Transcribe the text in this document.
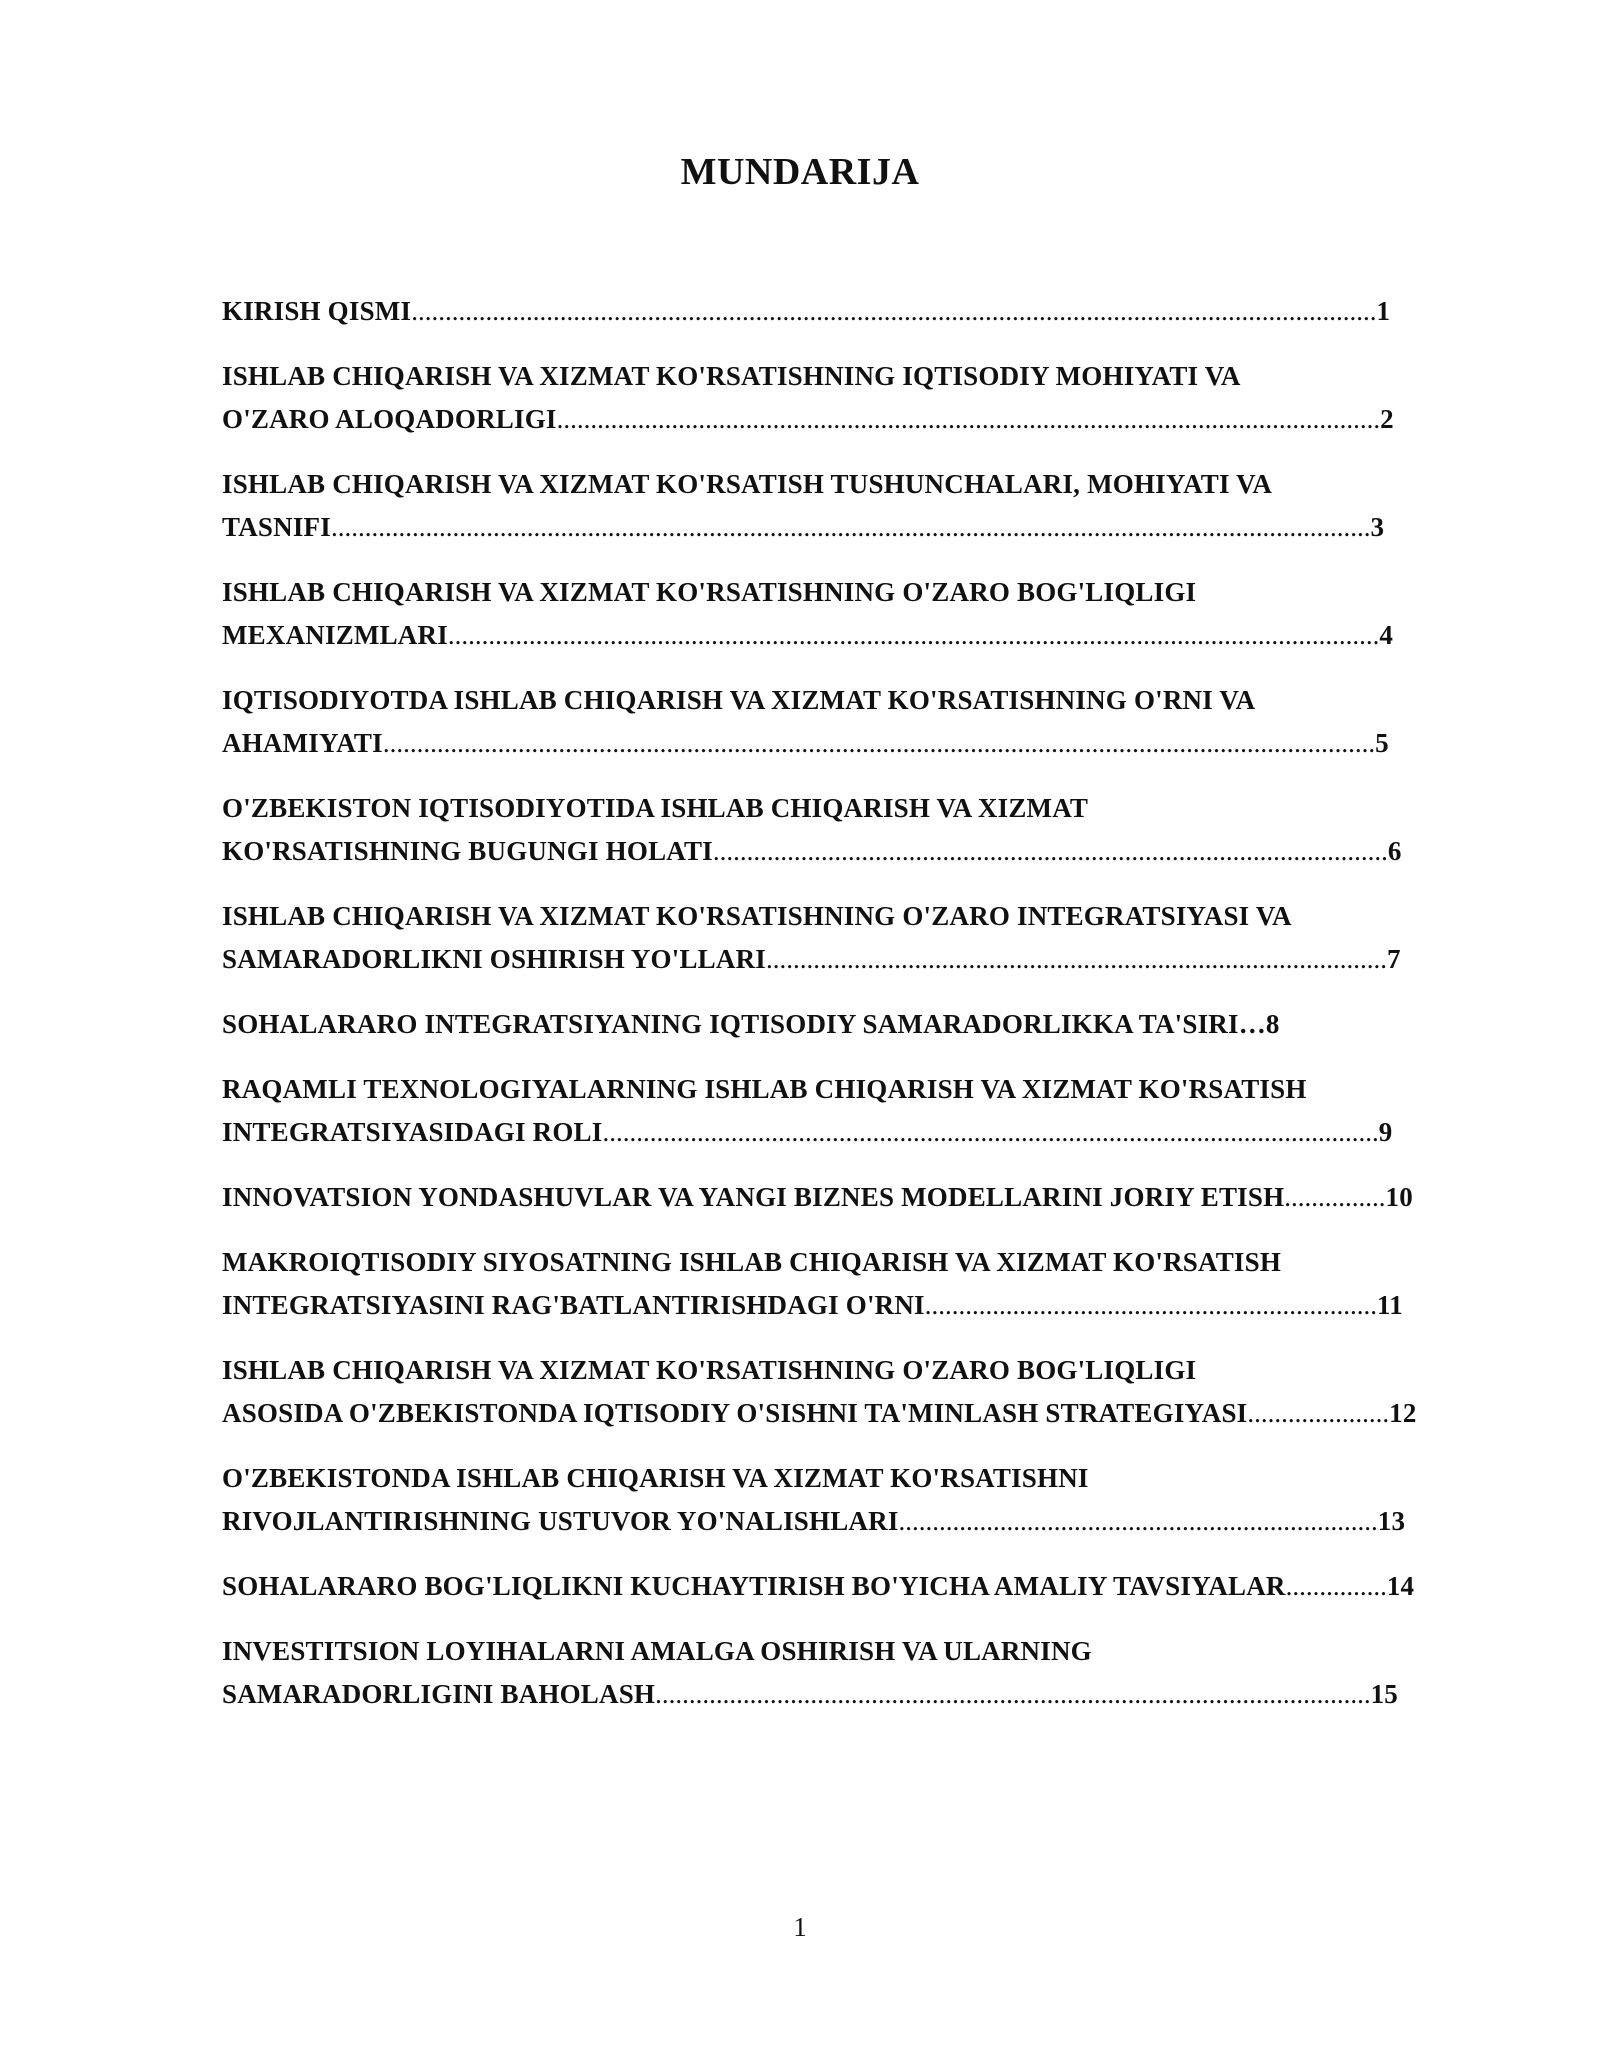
MUNDARIJA
KIRISH QISMI...............................................................................................................................................1
ISHLAB CHIQARISH VA XIZMAT KO'RSATISHNING IQTISODIY MOHIYATI VA
O'ZARO ALOQADORLIGI..........................................................................................................................2
ISHLAB CHIQARISH VA XIZMAT KO'RSATISH TUSHUNCHALARI, MOHIYATI VA
TASNIFI..........................................................................................................................................................3
ISHLAB CHIQARISH VA XIZMAT KO'RSATISHNING O'ZARO BOG'LIQLIGI
MEXANIZMLARI..........................................................................................................................................4
IQTISODIYOTDA ISHLAB CHIQARISH VA XIZMAT KO'RSATISHNING O'RNI VA
AHAMIYATI...................................................................................................................................................5
O'ZBEKISTON IQTISODIYOTIDA ISHLAB CHIQARISH VA XIZMAT
KO'RSATISHNING BUGUNGI HOLATI....................................................................................................6
ISHLAB CHIQARISH VA XIZMAT KO'RSATISHNING O'ZARO INTEGRATSIYASI VA
SAMARADORLIKNI OSHIRISH YO'LLARI............................................................................................7
SOHALARARO INTEGRATSIYANING IQTISODIY SAMARADORLIKKA TA'SIRI…8
RAQAMLI TEXNOLOGIYALARNING ISHLAB CHIQARISH VA XIZMAT KO'RSATISH
INTEGRATSIYASIDAGI ROLI...................................................................................................................9
INNOVATSION YONDASHUVLAR VA YANGI BIZNES MODELLARINI JORIY ETISH...............10
MAKROIQTISODIY SIYOSATNING ISHLAB CHIQARISH VA XIZMAT KO'RSATISH
INTEGRATSIYASINI RAG'BATLANTIRISHDAGI O'RNI...................................................................11
ISHLAB CHIQARISH VA XIZMAT KO'RSATISHNING O'ZARO BOG'LIQLIGI
ASOSIDA O'ZBEKISTONDA IQTISODIY O'SISHNI TA'MINLASH STRATEGIYASI.....................12
O'ZBEKISTONDA ISHLAB CHIQARISH VA XIZMAT KO'RSATISHNI
RIVOJLANTIRISHNING USTUVOR YO'NALISHLARI.......................................................................13
SOHALARARO BOG'LIQLIKNI KUCHAYTIRISH BO'YICHA AMALIY TAVSIYALAR...............14
INVESTITSION LOYIHALARNI AMALGA OSHIRISH VA ULARNING
SAMARADORLIGINI BAHOLASH..........................................................................................................15
1
